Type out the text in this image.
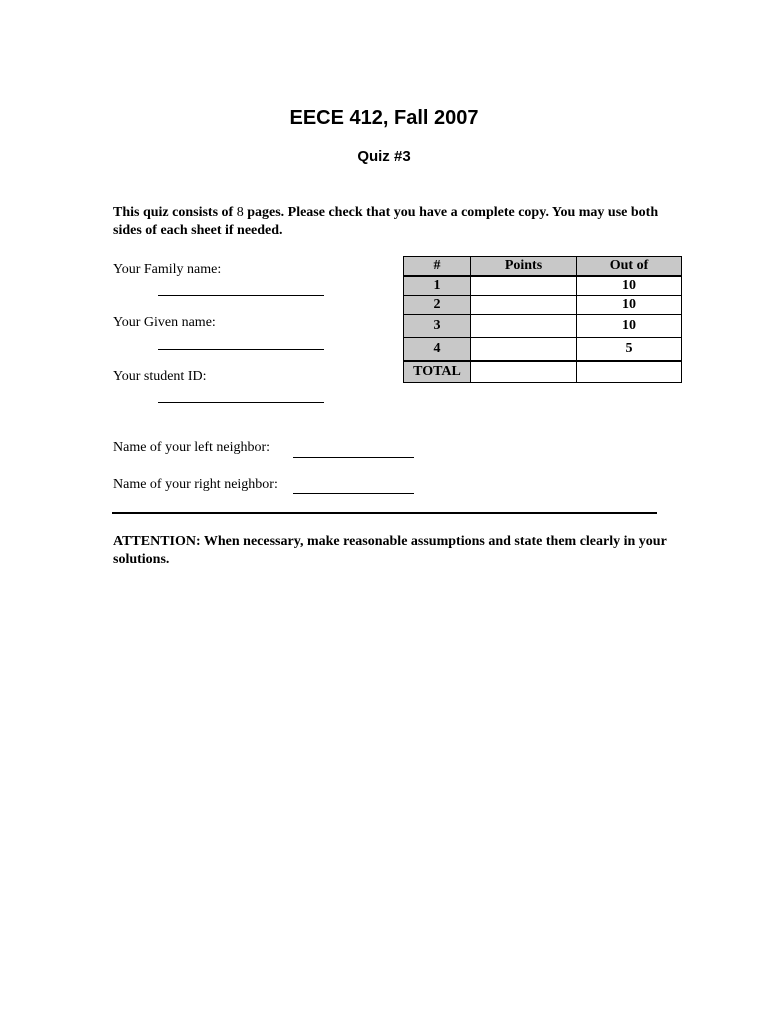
EECE 412, Fall 2007
Quiz #3
This quiz consists of 8 pages. Please check that you have a complete copy. You may use both sides of each sheet if needed.
Your Family name:
Your Given name:
Your student ID:
#	Points	Out of
1		10
2		10
3		10
4		5
TOTAL		
Name of your left neighbor:
Name of your right neighbor:
ATTENTION: When necessary, make reasonable assumptions and state them clearly in your solutions.
